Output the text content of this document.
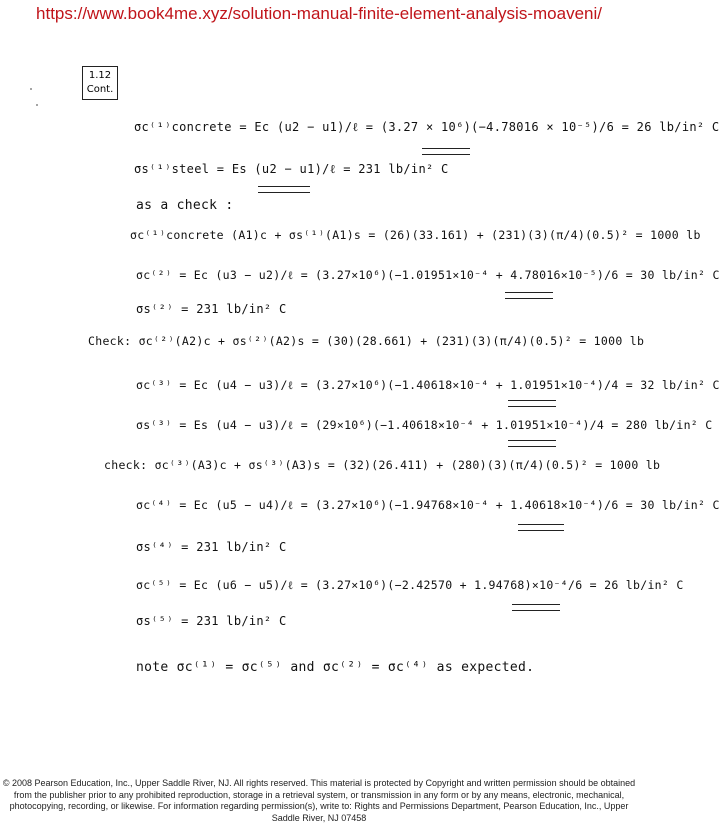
https://www.book4me.xyz/solution-manual-finite-element-analysis-moaveni/
1.12
Cont.
σc⁽¹⁾concrete = Ec (u2 − u1)/ℓ = (3.27 × 10⁶)(−4.78016 × 10⁻⁵)/6 = 26 lb/in² C
σs⁽¹⁾steel = Es (u2 − u1)/ℓ = 231 lb/in² C
as a check :
σc⁽¹⁾concrete (A1)c + σs⁽¹⁾(A1)s = (26)(33.161) + (231)(3)(π/4)(0.5)² = 1000 lb
σc⁽²⁾ = Ec (u3 − u2)/ℓ = (3.27×10⁶)(−1.01951×10⁻⁴ + 4.78016×10⁻⁵)/6 = 30 lb/in² C
σs⁽²⁾ = 231 lb/in² C
Check: σc⁽²⁾(A2)c + σs⁽²⁾(A2)s = (30)(28.661) + (231)(3)(π/4)(0.5)² = 1000 lb
σc⁽³⁾ = Ec (u4 − u3)/ℓ = (3.27×10⁶)(−1.40618×10⁻⁴ + 1.01951×10⁻⁴)/4 = 32 lb/in² C
σs⁽³⁾ = Es (u4 − u3)/ℓ = (29×10⁶)(−1.40618×10⁻⁴ + 1.01951×10⁻⁴)/4 = 280 lb/in² C
check: σc⁽³⁾(A3)c + σs⁽³⁾(A3)s = (32)(26.411) + (280)(3)(π/4)(0.5)² = 1000 lb
σc⁽⁴⁾ = Ec (u5 − u4)/ℓ = (3.27×10⁶)(−1.94768×10⁻⁴ + 1.40618×10⁻⁴)/6 = 30 lb/in² C
σs⁽⁴⁾ = 231 lb/in² C
σc⁽⁵⁾ = Ec (u6 − u5)/ℓ = (3.27×10⁶)(−2.42570 + 1.94768)×10⁻⁴/6 = 26 lb/in² C
σs⁽⁵⁾ = 231 lb/in² C
note σc⁽¹⁾ = σc⁽⁵⁾ and σc⁽²⁾ = σc⁽⁴⁾ as expected.
© 2008 Pearson Education, Inc., Upper Saddle River, NJ. All rights reserved. This material is protected by Copyright and written permission should be obtained from the publisher prior to any prohibited reproduction, storage in a retrieval system, or transmission in any form or by any means, electronic, mechanical, photocopying, recording, or likewise. For information regarding permission(s), write to: Rights and Permissions Department, Pearson Education, Inc., Upper Saddle River, NJ 07458
